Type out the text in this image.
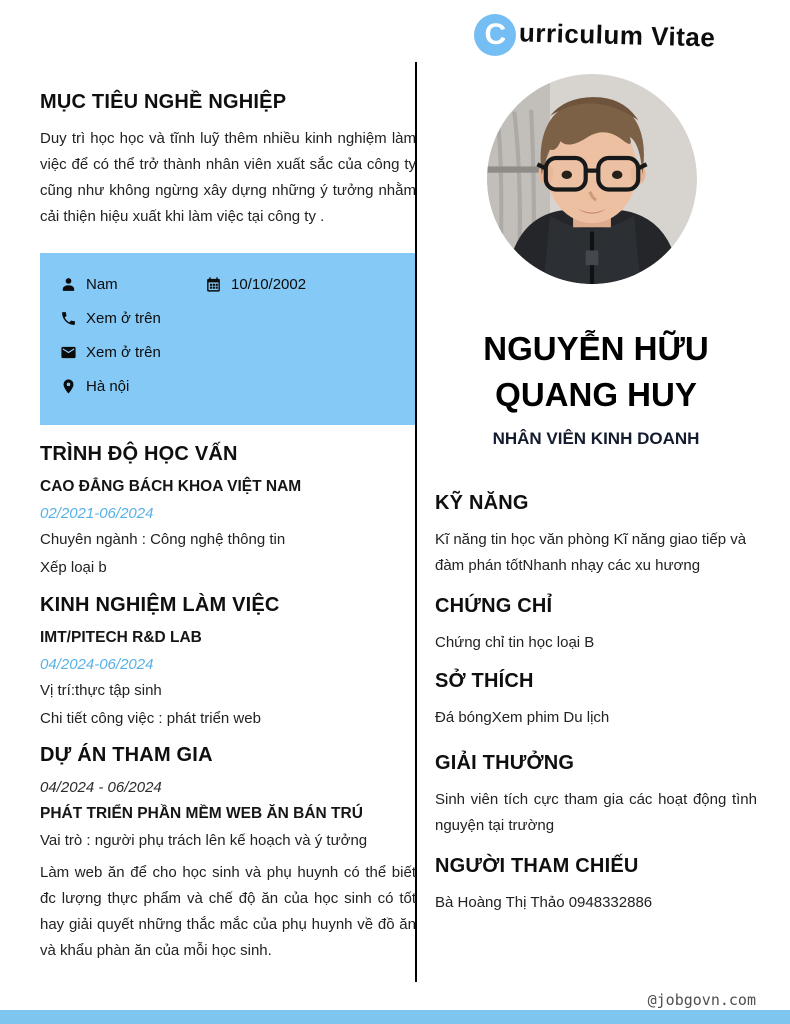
C urriculum Vitae
MỤC TIÊU NGHỀ NGHIỆP

Duy trì học học và tĩnh luỹ thêm nhiều kinh nghiệm làm việc để có thể trở thành nhân viên xuất sắc của công ty cũng như không ngừng xây dựng những ý tưởng nhằm cải thiện hiệu xuất khi làm việc tại công ty .

Nam	10/10/2002
Xem ở trên
Xem ở trên
Hà nội
TRÌNH ĐỘ HỌC VẤN

CAO ĐẲNG BÁCH KHOA VIỆT NAM

02/2021-06/2024

Chuyên ngành : Công nghệ thông tin

Xếp loại b

KINH NGHIỆM LÀM VIỆC

IMT/PITECH R&D LAB

04/2024-06/2024

Vị trí:thực tập sinh

Chi tiết công việc : phát triển web

DỰ ÁN THAM GIA

04/2024 - 06/2024

PHÁT TRIỂN PHẦN MỀM WEB ĂN BÁN TRÚ

Vai trò : người phụ trách lên kế hoạch và ý tưởng

Làm web ăn để cho học sinh và phụ huynh có thể biết đc lượng thực phẩm và chế độ ăn của học sinh có tốt hay giải quyết những thắc mắc của phụ huynh về đồ ăn và khẩu phàn ăn của mỗi học sinh.

NGUYỄN HỮU QUANG HUY

NHÂN VIÊN KINH DOANH

KỸ NĂNG

Kĩ năng tin học văn phòng Kĩ năng giao tiếp và đàm phán tốtNhanh nhạy các xu hương

CHỨNG CHỈ

Chứng chỉ tin học loại B

SỞ THÍCH

Đá bóngXem phim Du lịch

GIẢI THƯỞNG

Sinh viên tích cực tham gia các hoạt động tình nguyện tại trường

NGƯỜI THAM CHIẾU

Bà Hoàng Thị Thảo 0948332886

@jobgovn.com
